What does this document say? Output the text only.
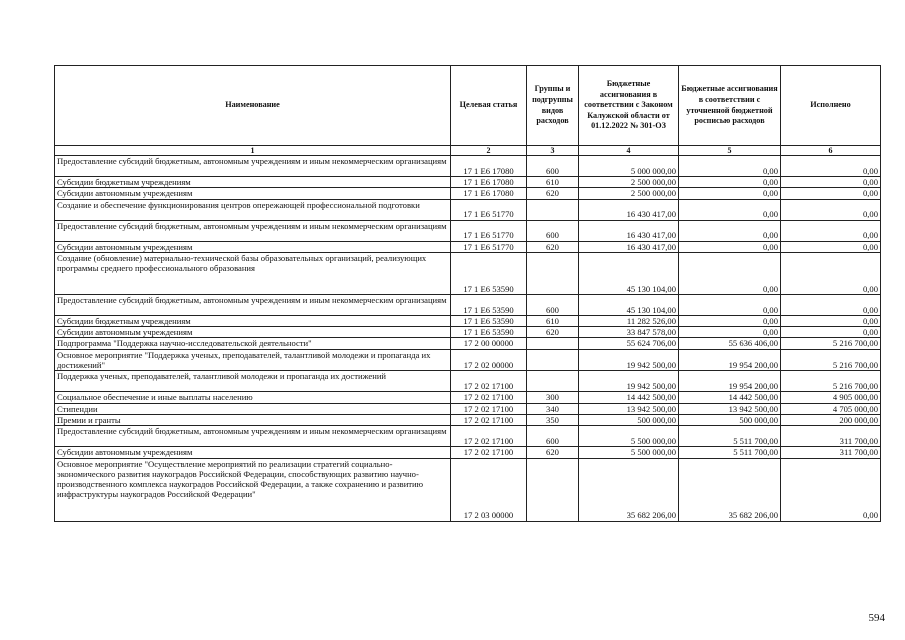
Наименование	Целевая статья	Группы и подгруппы видов расходов	Бюджетные ассигнования в соответствии с Законом Калужской области от 01.12.2022 № 301-ОЗ	Бюджетные ассигнования в соответствии с уточненной бюджетной росписью расходов	Исполнено
1	2	3	4	5	6
Предоставление субсидий бюджетным, автономным учреждениям и иным некоммерческим организациям	17 1 E6 17080	600	5 000 000,00	0,00	0,00
Субсидии бюджетным учреждениям	17 1 E6 17080	610	2 500 000,00	0,00	0,00
Субсидии автономным учреждениям	17 1 E6 17080	620	2 500 000,00	0,00	0,00
Создание и обеспечение функционирования центров опережающей профессиональной подготовки	17 1 E6 51770		16 430 417,00	0,00	0,00
Предоставление субсидий бюджетным, автономным учреждениям и иным некоммерческим организациям	17 1 E6 51770	600	16 430 417,00	0,00	0,00
Субсидии автономным учреждениям	17 1 E6 51770	620	16 430 417,00	0,00	0,00
Создание (обновление) материально-технической базы образовательных организаций, реализующих программы среднего профессионального образования	17 1 E6 53590		45 130 104,00	0,00	0,00
Предоставление субсидий бюджетным, автономным учреждениям и иным некоммерческим организациям	17 1 E6 53590	600	45 130 104,00	0,00	0,00
Субсидии бюджетным учреждениям	17 1 E6 53590	610	11 282 526,00	0,00	0,00
Субсидии автономным учреждениям	17 1 E6 53590	620	33 847 578,00	0,00	0,00
Подпрограмма "Поддержка научно-исследовательской деятельности"	17 2 00 00000		55 624 706,00	55 636 406,00	5 216 700,00
Основное мероприятие "Поддержка ученых, преподавателей, талантливой молодежи и пропаганда их достижений"	17 2 02 00000		19 942 500,00	19 954 200,00	5 216 700,00
Поддержка ученых, преподавателей, талантливой молодежи и пропаганда их достижений	17 2 02 17100		19 942 500,00	19 954 200,00	5 216 700,00
Социальное обеспечение и иные выплаты населению	17 2 02 17100	300	14 442 500,00	14 442 500,00	4 905 000,00
Стипендии	17 2 02 17100	340	13 942 500,00	13 942 500,00	4 705 000,00
Премии и гранты	17 2 02 17100	350	500 000,00	500 000,00	200 000,00
Предоставление субсидий бюджетным, автономным учреждениям и иным некоммерческим организациям	17 2 02 17100	600	5 500 000,00	5 511 700,00	311 700,00
Субсидии автономным учреждениям	17 2 02 17100	620	5 500 000,00	5 511 700,00	311 700,00
Основное мероприятие "Осуществление мероприятий по реализации стратегий социально-экономического развития наукоградов Российской Федерации, способствующих развитию научно-производственного комплекса наукоградов Российской Федерации, а также сохранению и развитию инфраструктуры наукоградов Российской Федерации"	17 2 03 00000		35 682 206,00	35 682 206,00	0,00
594
